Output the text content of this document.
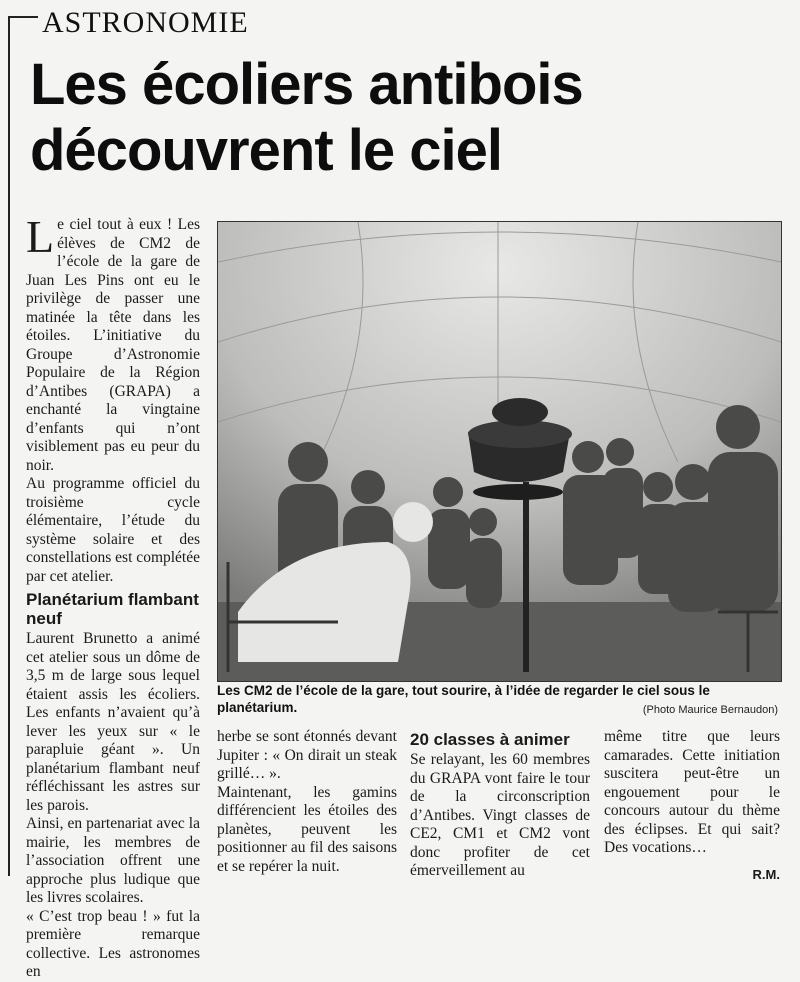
ASTRONOMIE
Les écoliers antibois
découvrent le ciel

Le ciel tout à eux ! Les élèves de CM2 de l’école de la gare de Juan Les Pins ont eu le privilège de passer une matinée la tête dans les étoiles. L’initiative du Groupe d’Astronomie Populaire de la Région d’Antibes (GRAPA) a enchanté la vingtaine d’enfants qui n’ont visiblement pas eu peur du noir.

Au programme officiel du troisième cycle élémentaire, l’étude du système solaire et des constellations est complétée par cet atelier.

Planétarium flambant neuf

Laurent Brunetto a animé cet atelier sous un dôme de 3,5 m de large sous lequel étaient assis les écoliers. Les enfants n’avaient qu’à lever les yeux sur « le parapluie géant ». Un planétarium flambant neuf réfléchissant les astres sur les parois.

Ainsi, en partenariat avec la mairie, les membres de l’association offrent une approche plus ludique que les livres scolaires.

« C’est trop beau ! » fut la première remarque collective. Les astronomes en

Les CM2 de l’école de la gare, tout sourire, à l’idée de regarder le ciel sous le planétarium.	(Photo Maurice Bernaudon)

herbe se sont étonnés devant Jupiter : « On dirait un steak grillé… ».

Maintenant, les gamins différencient les étoiles des planètes, peuvent les positionner au fil des saisons et se repérer la nuit.

20 classes à animer

Se relayant, les 60 membres du GRAPA vont faire le tour de la circonscription d’Antibes. Vingt classes de CE2, CM1 et CM2 vont donc profiter de cet émerveillement au

même titre que leurs camarades. Cette initiation suscitera peut-être un engouement pour le concours autour du thème des éclipses. Et qui sait? Des vocations…

R.M.
